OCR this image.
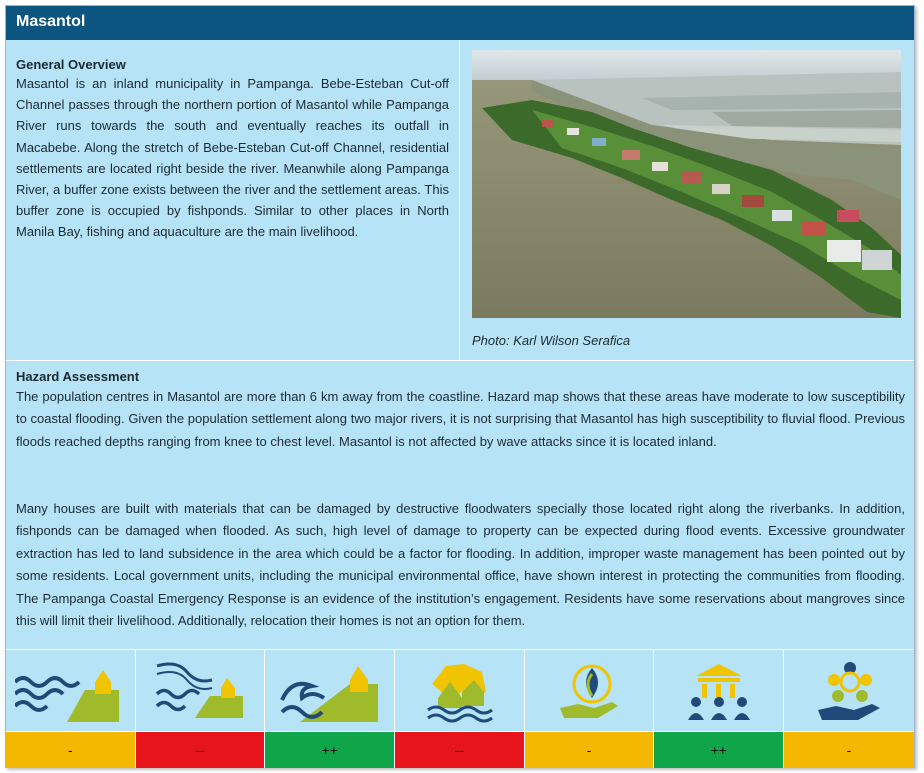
Masantol
General Overview

Masantol is an inland municipality in Pampanga. Bebe-Esteban Cut-off Channel passes through the northern portion of Masantol while Pampanga River runs towards the south and eventually reaches its outfall in Macabebe. Along the stretch of Bebe-Esteban Cut-off Channel, residential settlements are located right beside the river. Meanwhile along Pampanga River, a buffer zone exists between the river and the settlement areas. This buffer zone is occupied by fishponds. Similar to other places in North Manila Bay, fishing and aquaculture are the main livelihood.

Photo: Karl Wilson Serafica
Hazard Assessment

The population centres in Masantol are more than 6 km away from the coastline. Hazard map shows that these areas have moderate to low susceptibility to coastal flooding. Given the population settlement along two major rivers, it is not surprising that Masantol has high susceptibility to fluvial flood. Previous floods reached depths ranging from knee to chest level. Masantol is not affected by wave attacks since it is located inland.

Many houses are built with materials that can be damaged by destructive floodwaters specially those located right along the riverbanks. In addition, fishponds can be damaged when flooded. As such, high level of damage to property can be expected during flood events. Excessive groundwater extraction has led to land subsidence in the area which could be a factor for flooding. In addition, improper waste management has been pointed out by some residents. Local government units, including the municipal environmental office, have shown interest in protecting the communities from flooding. The Pampanga Coastal Emergency Response is an evidence of the institution’s engagement. Residents have some reservations about mangroves since this will limit their livelihood. Additionally, relocation their homes is not an option for them.

-	--	++	--	-	++	-
